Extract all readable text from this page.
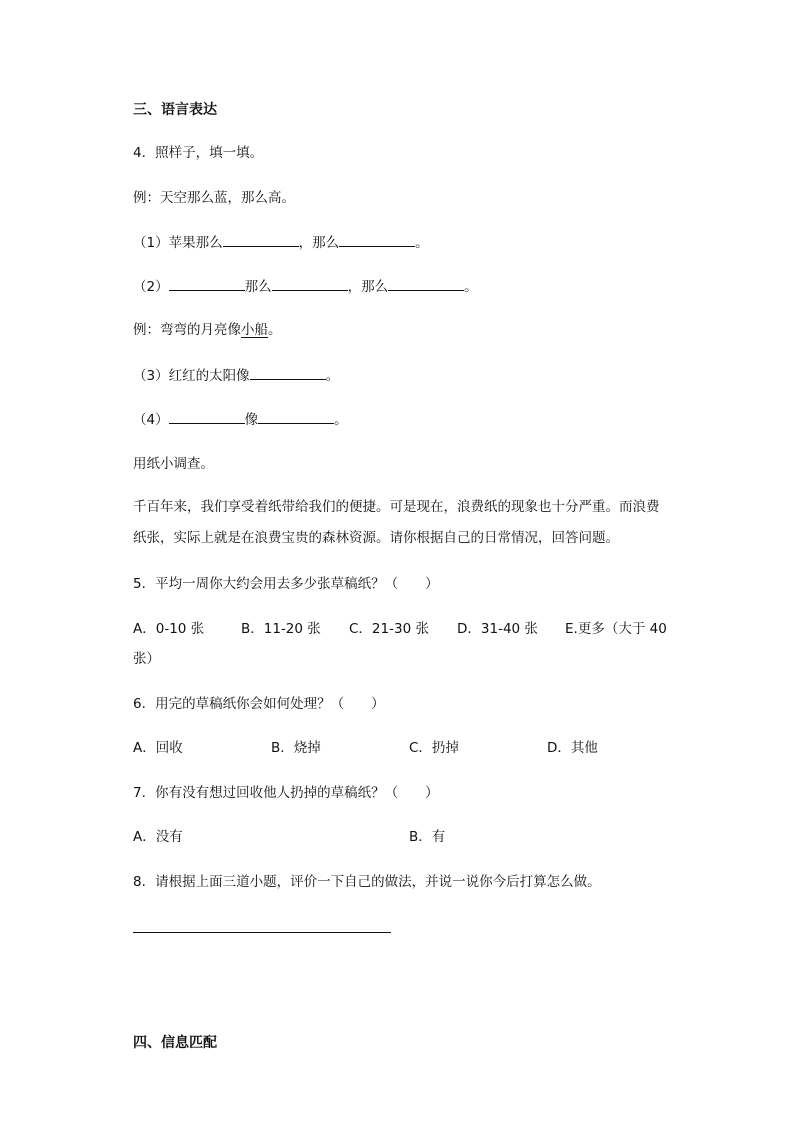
三、语言表达
4．照样子，填一填。
例：天空那么蓝，那么高。
（1）苹果那么	，那么	。
（2）	那么	，那么	。
例：弯弯的月亮像小船。
（3）红红的太阳像	。
（4）	像	。
用纸小调查。
千百年来，我们享受着纸带给我们的便捷。可是现在，浪费纸的现象也十分严重。而浪费纸张，实际上就是在浪费宝贵的森林资源。请你根据自己的日常情况，回答问题。
5．平均一周你大约会用去多少张草稿纸？（　　）
A．0-10 张	B．11-20 张 C．21-30 张 D．31-40 张 E.更多（大于 40
张）
6．用完的草稿纸你会如何处理？（　　）
A．回收	B．烧掉	C．扔掉	D．其他
7．你有没有想过回收他人扔掉的草稿纸？（　　）
A．没有	B．有
8．请根据上面三道小题，评价一下自己的做法，并说一说你今后打算怎么做。
四、信息匹配
